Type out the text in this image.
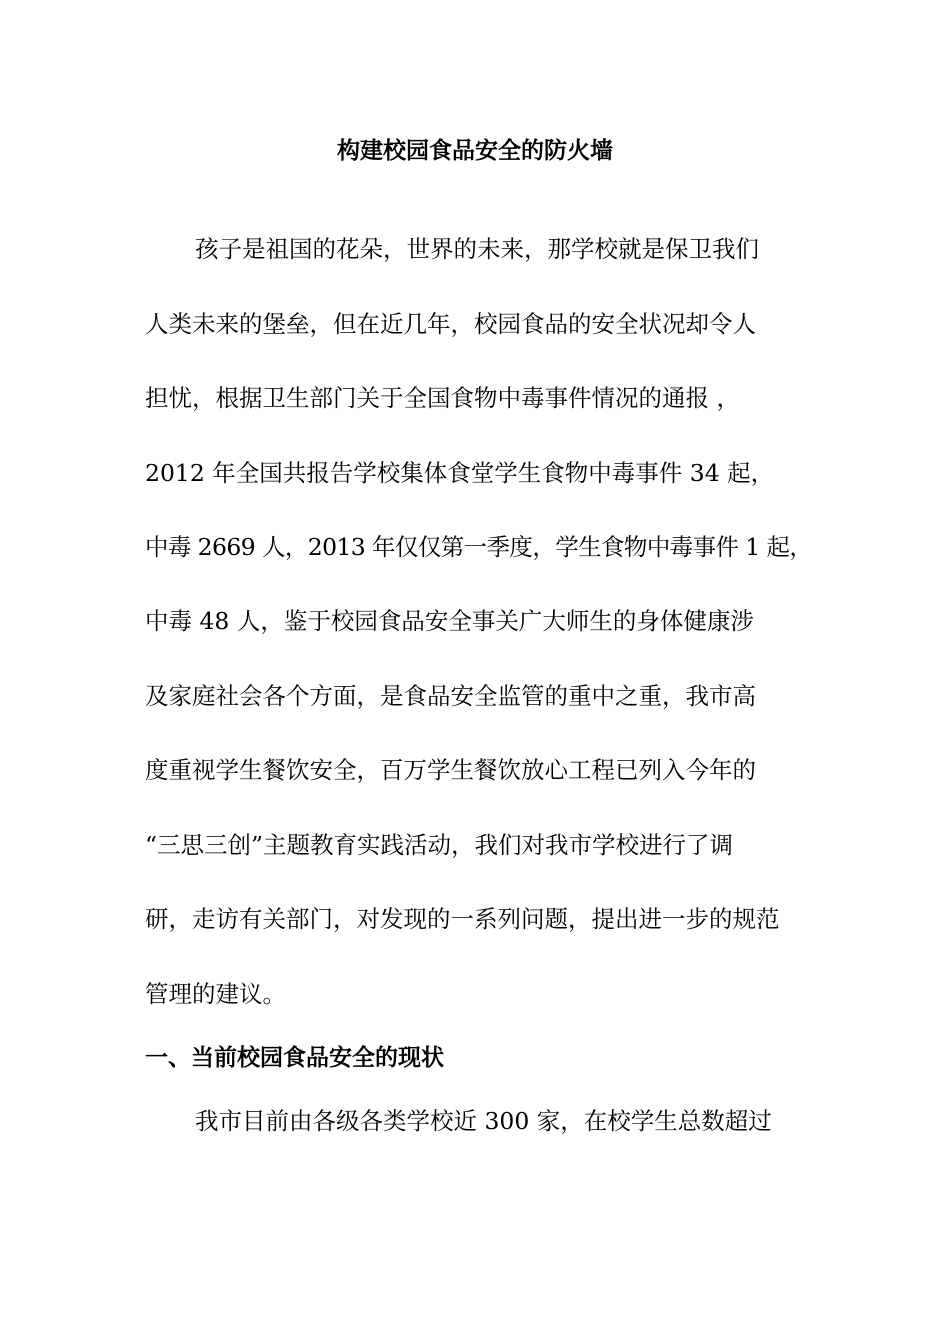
构建校园食品安全的防火墙
孩子是祖国的花朵，世界的未来，那学校就是保卫我们
人类未来的堡垒，但在近几年，校园食品的安全状况却令人
担忧，根据卫生部门关于全国食物中毒事件情况的通报 ，
2012 年全国共报告学校集体食堂学生食物中毒事件 34 起，
中毒 2669 人，2013 年仅仅第一季度，学生食物中毒事件 1 起，
中毒 48 人，鉴于校园食品安全事关广大师生的身体健康涉
及家庭社会各个方面，是食品安全监管的重中之重，我市高
度重视学生餐饮安全，百万学生餐饮放心工程已列入今年的
“三思三创”主题教育实践活动，我们对我市学校进行了调
研，走访有关部门，对发现的一系列问题，提出进一步的规范
管理的建议。
一、当前校园食品安全的现状
我市目前由各级各类学校近 300 家，在校学生总数超过
